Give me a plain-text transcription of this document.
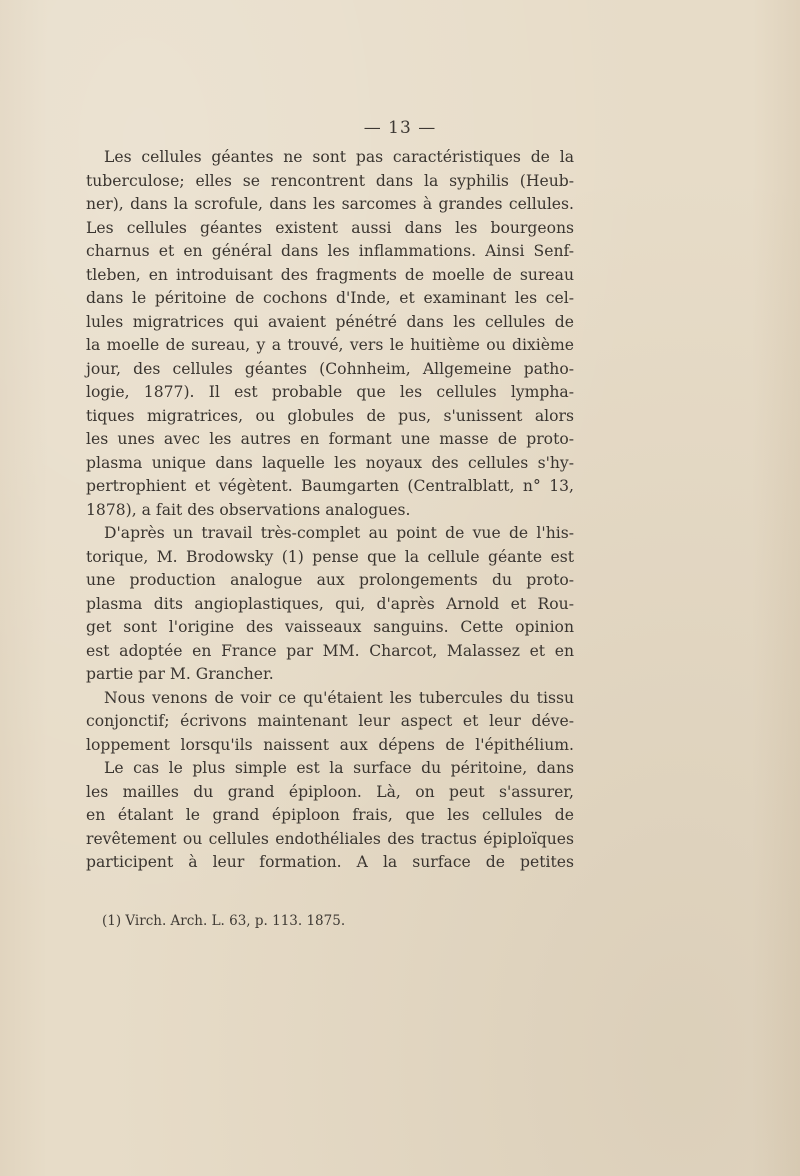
— 13 —
Les cellules géantes ne sont pas caractéristiques de la
tuberculose; elles se rencontrent dans la syphilis (Heub-
ner), dans la scrofule, dans les sarcomes à grandes cellules.
Les cellules géantes existent aussi dans les bourgeons
charnus et en général dans les inflammations. Ainsi Senf-
tleben, en introduisant des fragments de moelle de sureau
dans le péritoine de cochons d'Inde, et examinant les cel-
lules migratrices qui avaient pénétré dans les cellules de
la moelle de sureau, y a trouvé, vers le huitième ou dixième
jour, des cellules géantes (Cohnheim, Allgemeine patho-
logie, 1877). Il est probable que les cellules lympha-
tiques migratrices, ou globules de pus, s'unissent alors
les unes avec les autres en formant une masse de proto-
plasma unique dans laquelle les noyaux des cellules s'hy-
pertrophient et végètent. Baumgarten (Centralblatt, n° 13,
1878), a fait des observations analogues.
D'après un travail très-complet au point de vue de l'his-
torique, M. Brodowsky (1) pense que la cellule géante est
une production analogue aux prolongements du proto-
plasma dits angioplastiques, qui, d'après Arnold et Rou-
get sont l'origine des vaisseaux sanguins. Cette opinion
est adoptée en France par MM. Charcot, Malassez et en
partie par M. Grancher.
Nous venons de voir ce qu'étaient les tubercules du tissu
conjonctif; écrivons maintenant leur aspect et leur déve-
loppement lorsqu'ils naissent aux dépens de l'épithélium.
Le cas le plus simple est la surface du péritoine, dans
les mailles du grand épiploon. Là, on peut s'assurer,
en étalant le grand épiploon frais, que les cellules de
revêtement ou cellules endothéliales des tractus épiploïques
participent à leur formation. A la surface de petites
(1) Virch. Arch. L. 63, p. 113. 1875.
